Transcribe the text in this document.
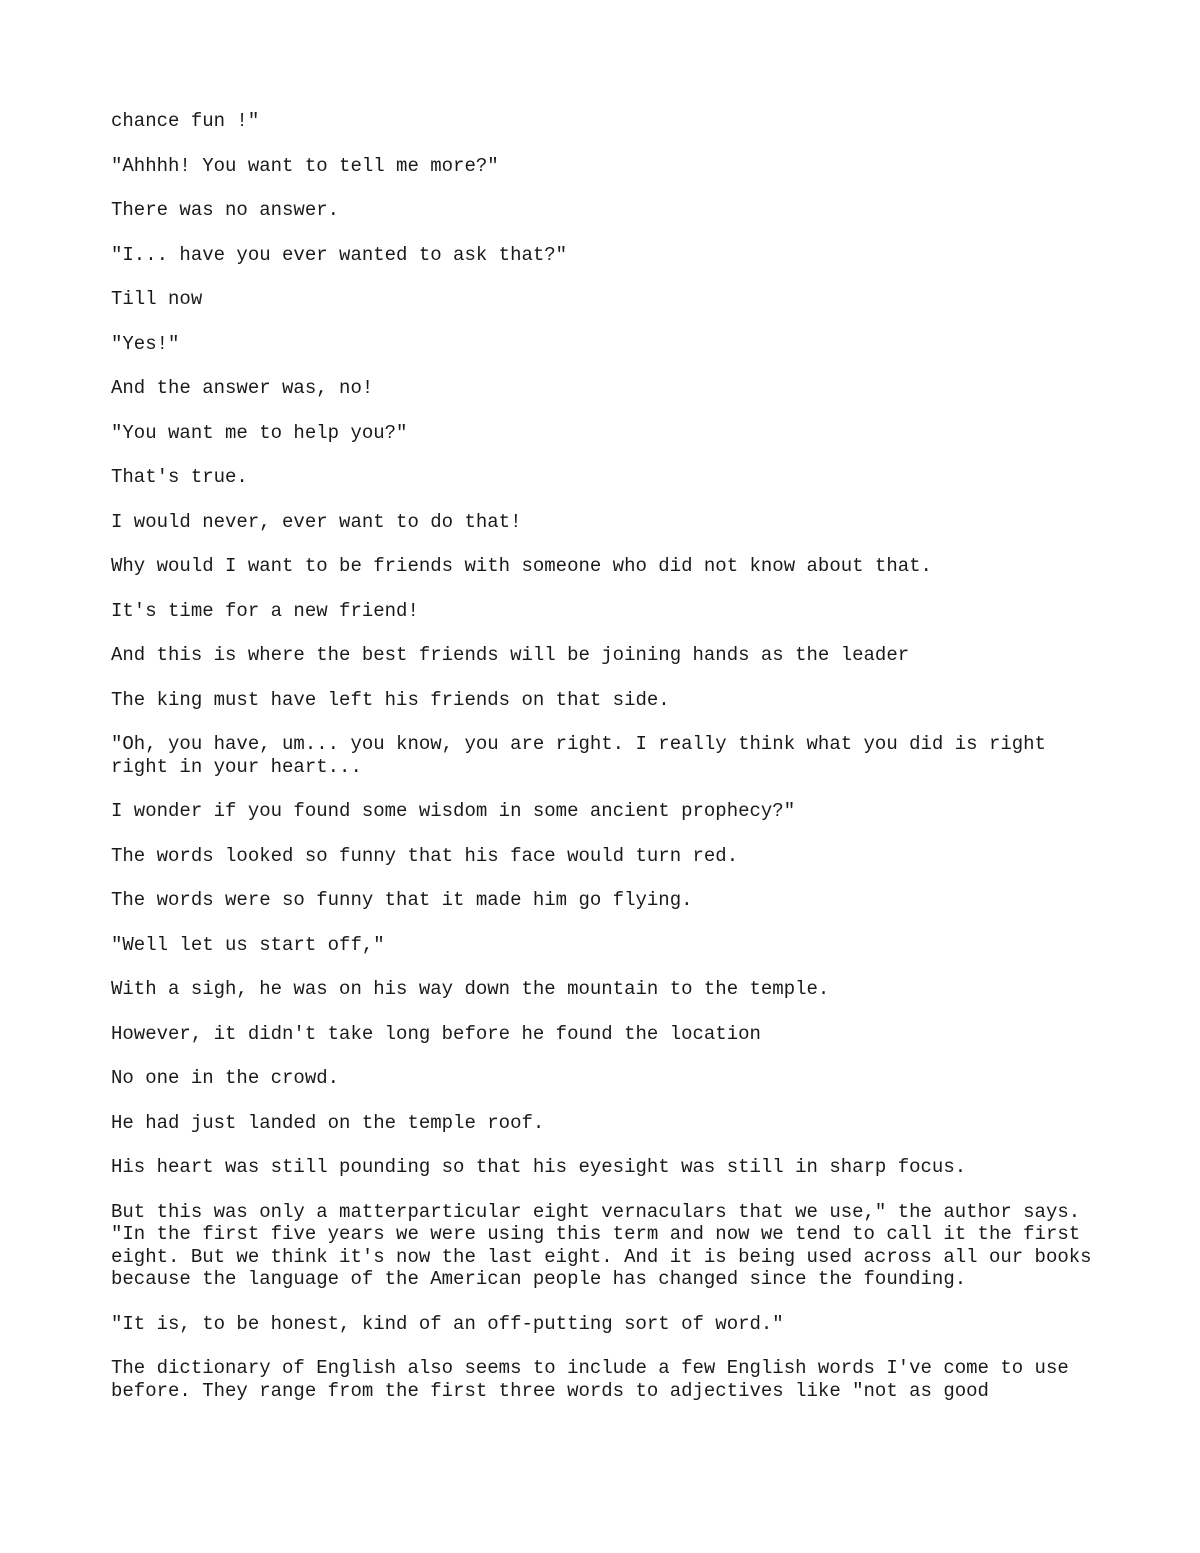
chance fun !"

"Ahhhh! You want to tell me more?"

There was no answer.

"I... have you ever wanted to ask that?"

Till now

"Yes!"

And the answer was, no!

"You want me to help you?"

That's true.

I would never, ever want to do that!

Why would I want to be friends with someone who did not know about that.

It's time for a new friend!

And this is where the best friends will be joining hands as the leader

The king must have left his friends on that side.

"Oh, you have, um... you know, you are right. I really think what you did is right right in your heart...

I wonder if you found some wisdom in some ancient prophecy?"

The words looked so funny that his face would turn red.

The words were so funny that it made him go flying.

"Well let us start off,"

With a sigh, he was on his way down the mountain to the temple.

However, it didn't take long before he found the location

No one in the crowd.

He had just landed on the temple roof.

His heart was still pounding so that his eyesight was still in sharp focus.

But this was only a matterparticular eight vernaculars that we use," the author says. "In the first five years we were using this term and now we tend to call it the first eight. But we think it's now the last eight. And it is being used across all our books because the language of the American people has changed since the founding.

"It is, to be honest, kind of an off-putting sort of word."

The dictionary of English also seems to include a few English words I've come to use before. They range from the first three words to adjectives like "not as good
